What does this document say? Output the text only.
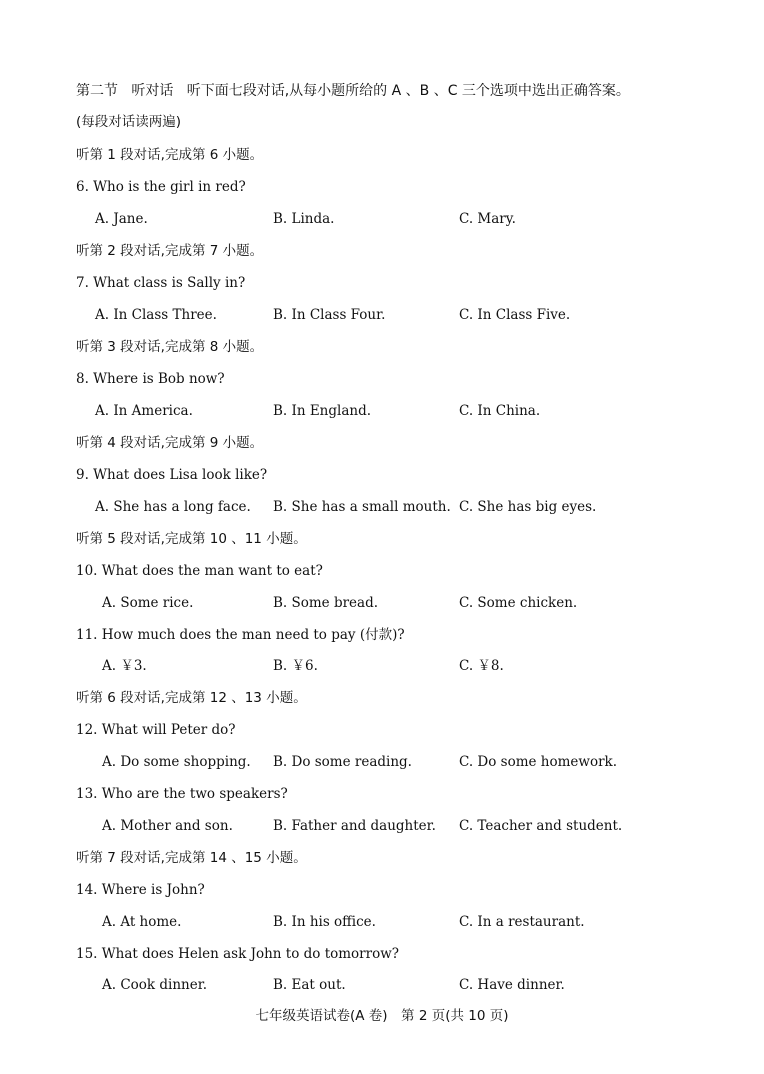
第二节 听对话 听下面七段对话,从每小题所给的 A 、B 、C 三个选项中选出正确答案。
(每段对话读两遍)
听第 1 段对话,完成第 6 小题。
6. Who is the girl in red?
A. Jane.	B. Linda.	C. Mary.
听第 2 段对话,完成第 7 小题。
7. What class is Sally in?
A. In Class Three.	B. In Class Four.	C. In Class Five.
听第 3 段对话,完成第 8 小题。
8. Where is Bob now?
A. In America.	B. In England.	C. In China.
听第 4 段对话,完成第 9 小题。
9. What does Lisa look like?
A. She has a long face. B. She has a small mouth. C. She has big eyes.
听第 5 段对话,完成第 10 、11 小题。
10. What does the man want to eat?
A. Some rice.	B. Some bread.	C. Some chicken.
11. How much does the man need to pay (付款)?
A. ￥3.	B. ￥6.	C. ￥8.
听第 6 段对话,完成第 12 、13 小题。
12. What will Peter do?
A. Do some shopping. B. Do some reading.	C. Do some homework.
13. Who are the two speakers?
A. Mother and son.	B. Father and daughter. C. Teacher and student.
听第 7 段对话,完成第 14 、15 小题。
14. Where is John?
A. At home.	B. In his office.	C. In a restaurant.
15. What does Helen ask John to do tomorrow?
A. Cook dinner.	B. Eat out.	C. Have dinner.
七年级英语试卷(A 卷)　第 2 页(共 10 页)
